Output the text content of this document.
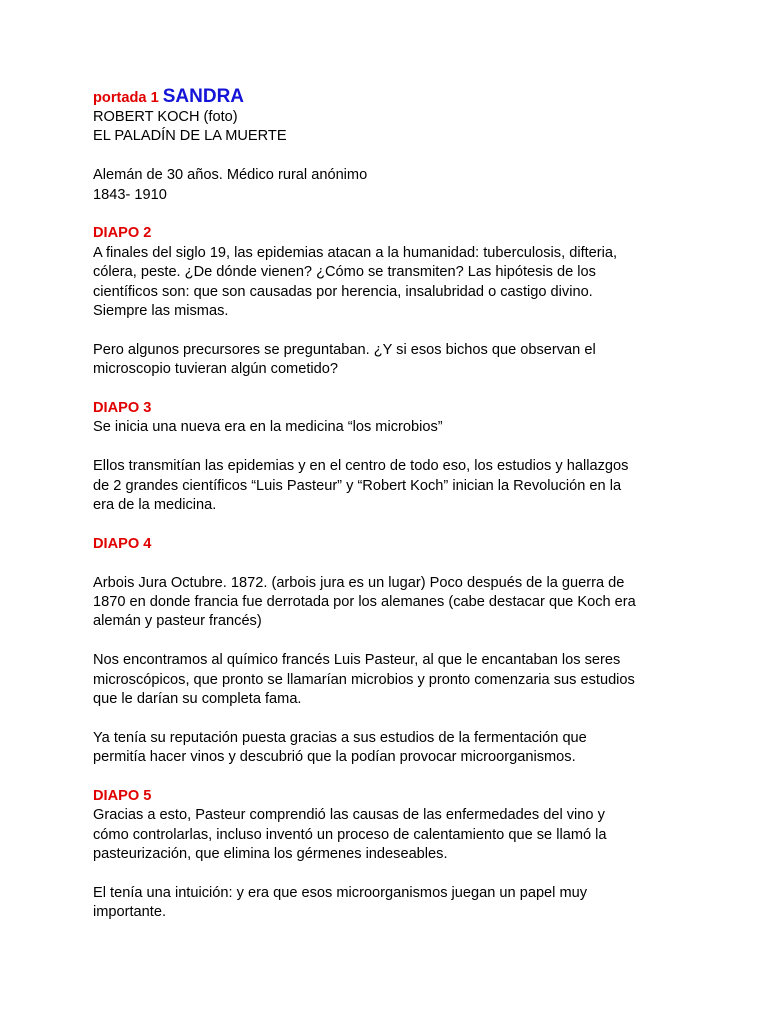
portada 1 SANDRA

ROBERT KOCH (foto)

EL PALADÍN DE LA MUERTE

Alemán de 30 años. Médico rural anónimo

1843- 1910

DIAPO 2

A finales del siglo 19, las epidemias atacan a la humanidad: tuberculosis, difteria,

cólera, peste. ¿De dónde vienen? ¿Cómo se transmiten? Las hipótesis de los

científicos son: que son causadas por herencia, insalubridad o castigo divino.

Siempre las mismas.

Pero algunos precursores se preguntaban. ¿Y si esos bichos que observan el

microscopio tuvieran algún cometido?

DIAPO 3

Se inicia una nueva era en la medicina “los microbios”

Ellos transmitían las epidemias y en el centro de todo eso, los estudios y hallazgos

de 2 grandes científicos “Luis Pasteur” y “Robert Koch” inician la Revolución en la

era de la medicina.

DIAPO 4

Arbois Jura Octubre. 1872. (arbois jura es un lugar) Poco después de la guerra de

1870 en donde francia fue derrotada por los alemanes (cabe destacar que Koch era

alemán y pasteur francés)

Nos encontramos al químico francés Luis Pasteur, al que le encantaban los seres

microscópicos, que pronto se llamarían microbios y pronto comenzaria sus estudios

que le darían su completa fama.

Ya tenía su reputación puesta gracias a sus estudios de la fermentación que

permitía hacer vinos y descubrió que la podían provocar microorganismos.

DIAPO 5

Gracias a esto, Pasteur comprendió las causas de las enfermedades del vino y

cómo controlarlas, incluso inventó un proceso de calentamiento que se llamó la

pasteurización, que elimina los gérmenes indeseables.

El tenía una intuición: y era que esos microorganismos juegan un papel muy

importante.
